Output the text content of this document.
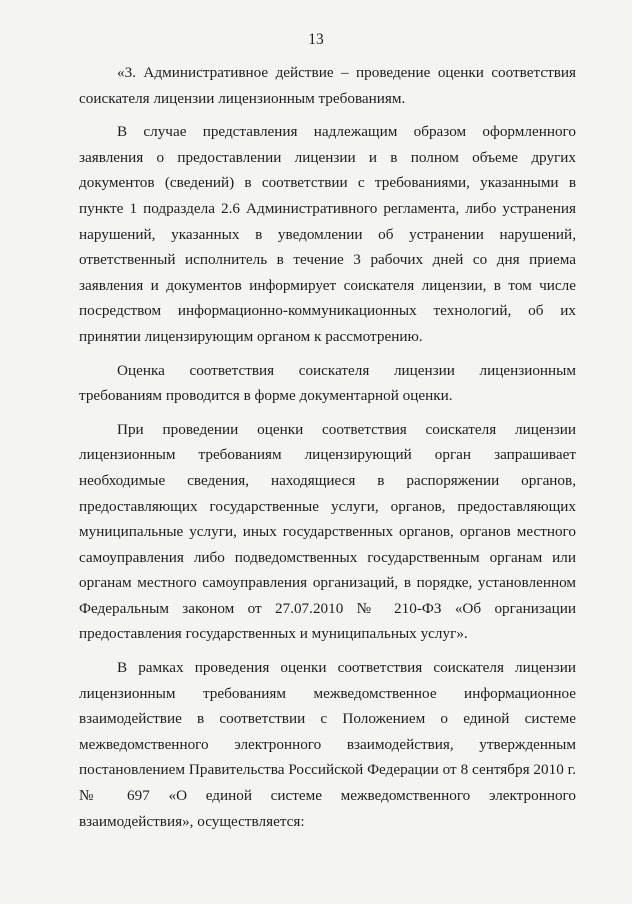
13

«3. Административное действие – проведение оценки соответствия соискателя лицензии лицензионным требованиям.

В случае представления надлежащим образом оформленного заявления о предоставлении лицензии и в полном объеме других документов (сведений) в соответствии с требованиями, указанными в пункте 1 подраздела 2.6 Административного регламента, либо устранения нарушений, указанных в уведомлении об устранении нарушений, ответственный исполнитель в течение 3 рабочих дней со дня приема заявления и документов информирует соискателя лицензии, в том числе посредством информационно-коммуникационных технологий, об их принятии лицензирующим органом к рассмотрению.

Оценка соответствия соискателя лицензии лицензионным требованиям проводится в форме документарной оценки.

При проведении оценки соответствия соискателя лицензии лицензионным требованиям лицензирующий орган запрашивает необходимые сведения, находящиеся в распоряжении органов, предоставляющих государственные услуги, органов, предоставляющих муниципальные услуги, иных государственных органов, органов местного самоуправления либо подведомственных государственным органам или органам местного самоуправления организаций, в порядке, установленном Федеральным законом от 27.07.2010 № 210-ФЗ «Об организации предоставления государственных и муниципальных услуг».

В рамках проведения оценки соответствия соискателя лицензии лицензионным требованиям межведомственное информационное взаимодействие в соответствии с Положением о единой системе межведомственного электронного взаимодействия, утвержденным постановлением Правительства Российской Федерации от 8 сентября 2010 г. № 697 «О единой системе межведомственного электронного взаимодействия», осуществляется:
